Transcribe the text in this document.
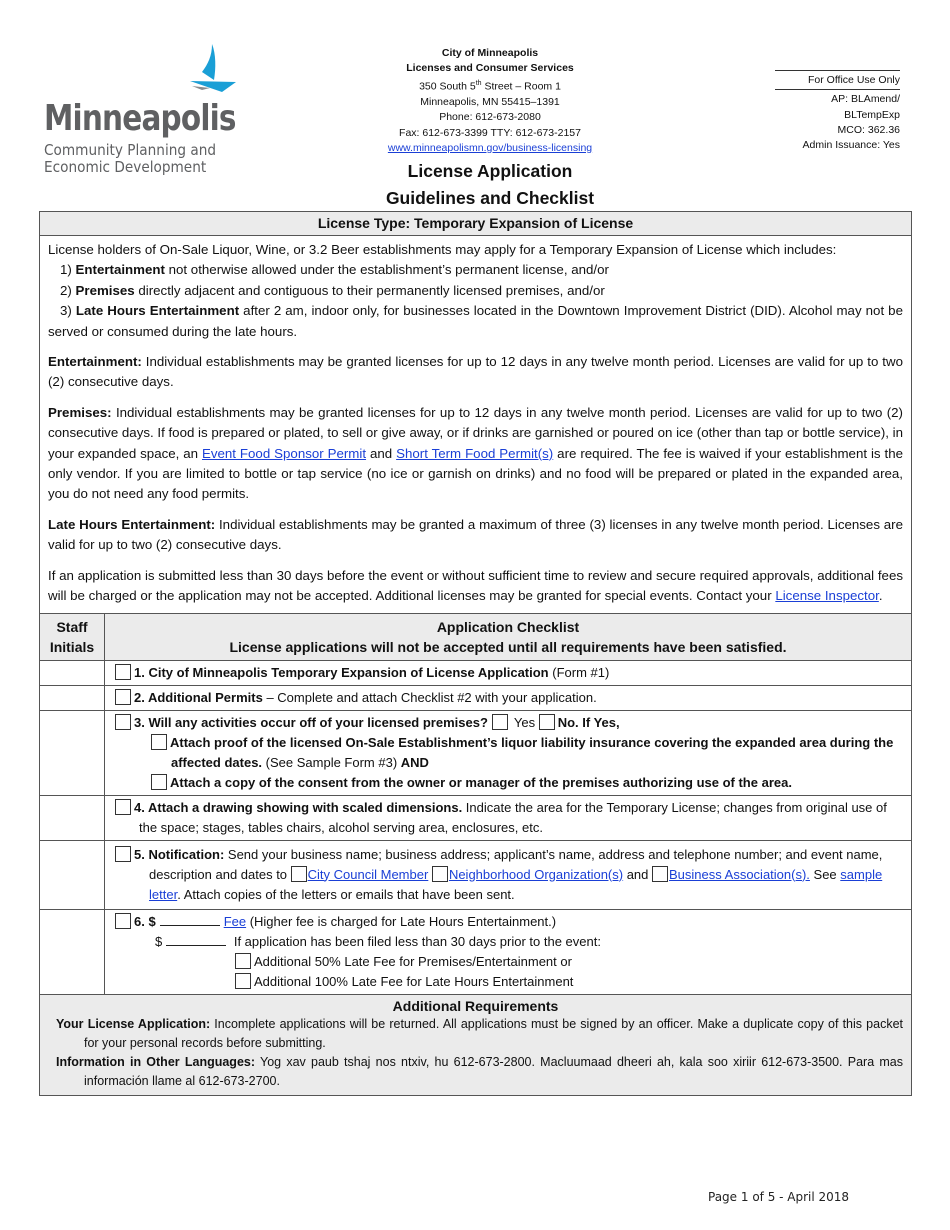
Minneapolis
Community Planning and
Economic Development
City of Minneapolis
Licenses and Consumer Services
350 South 5th Street – Room 1
Minneapolis, MN 55415–1391
Phone: 612-673-2080
Fax: 612-673-3399 TTY: 612-673-2157
www.minneapolismn.gov/business-licensing
License Application
Guidelines and Checklist
For Office Use Only
AP: BLAmend/
BLTempExp
MCO: 362.36
Admin Issuance: Yes
License Type: Temporary Expansion of License

License holders of On-Sale Liquor, Wine, or 3.2 Beer establishments may apply for a Temporary Expansion of License which includes:

1) Entertainment not otherwise allowed under the establishment’s permanent license, and/or

2) Premises directly adjacent and contiguous to their permanently licensed premises, and/or

3) Late Hours Entertainment after 2 am, indoor only, for businesses located in the Downtown Improvement District (DID). Alcohol may not be served or consumed during the late hours.

Entertainment: Individual establishments may be granted licenses for up to 12 days in any twelve month period. Licenses are valid for up to two (2) consecutive days.

Premises: Individual establishments may be granted licenses for up to 12 days in any twelve month period. Licenses are valid for up to two (2) consecutive days. If food is prepared or plated, to sell or give away, or if drinks are garnished or poured on ice (other than tap or bottle service), in your expanded space, an Event Food Sponsor Permit and Short Term Food Permit(s) are required. The fee is waived if your establishment is the only vendor. If you are limited to bottle or tap service (no ice or garnish on drinks) and no food will be prepared or plated in the expanded area, you do not need any food permits.

Late Hours Entertainment: Individual establishments may be granted a maximum of three (3) licenses in any twelve month period. Licenses are valid for up to two (2) consecutive days.

If an application is submitted less than 30 days before the event or without sufficient time to review and secure required approvals, additional fees will be charged or the application may not be accepted. Additional licenses may be granted for special events. Contact your License Inspector.

Staff
Initials

Application Checklist
License applications will not be accepted until all requirements have been satisfied.

	1. City of Minneapolis Temporary Expansion of License Application (Form #1)

	2. Additional Permits – Complete and attach Checklist #2 with your application.

	3. Will any activities occur off of your licensed premises?  Yes No. If Yes,
Attach proof of the licensed On-Sale Establishment’s liquor liability insurance covering the expanded area during the affected dates. (See Sample Form #3) AND
Attach a copy of the consent from the owner or manager of the premises authorizing use of the area.

	4. Attach a drawing showing with scaled dimensions. Indicate the area for the Temporary License; changes from original use of the space; stages, tables chairs, alcohol serving area, enclosures, etc.

	5. Notification: Send your business name; business address; applicant’s name, address and telephone number; and event name, description and dates to City Council Member Neighborhood Organization(s) and Business Association(s). See sample letter. Attach copies of the letters or emails that have been sent.

	6. $ Fee (Higher fee is charged for Late Hours Entertainment.)
$ If application has been filed less than 30 days prior to the event:
Additional 50% Late Fee for Premises/Entertainment or
Additional 100% Late Fee for Late Hours Entertainment
Additional Requirements
Your License Application: Incomplete applications will be returned. All applications must be signed by an officer. Make a duplicate copy of this packet for your personal records before submitting.
Information in Other Languages: Yog xav paub tshaj nos ntxiv, hu 612-673-2800. Macluumaad dheeri ah, kala soo xiriir 612-673-3500. Para mas información llame al 612-673-2700.
Page 1 of 5 - April 2018
